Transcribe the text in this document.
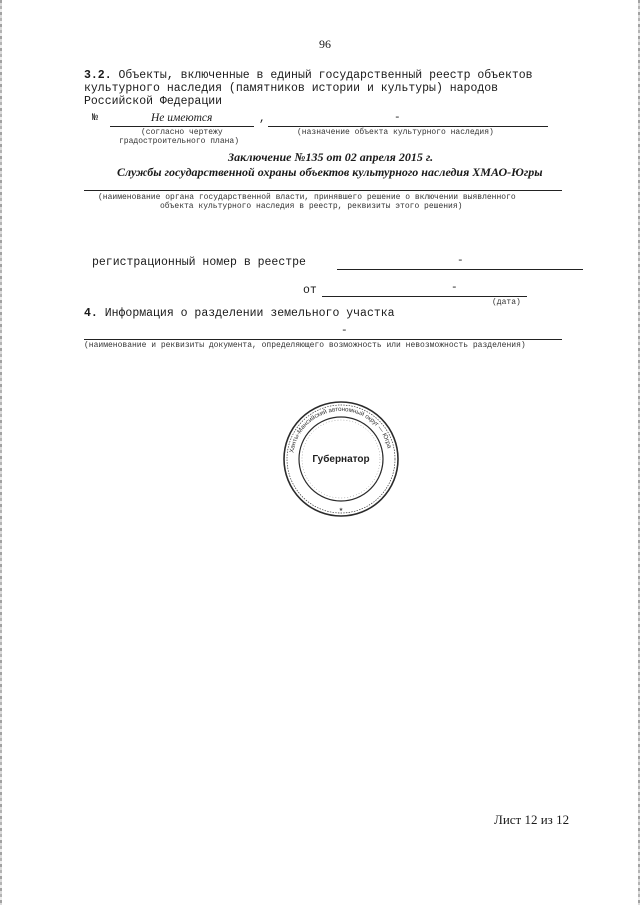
96
3.2. Объекты, включенные в единый государственный реестр объектов
культурного наследия (памятников истории и культуры) народов
Российской Федерации
№	Не имеются	,	-
(согласно чертежу
градостроительного плана)
(назначение объекта культурного наследия)
Заключение №135 от 02 апреля 2015 г.
Службы государственной охраны объектов культурного наследия ХМАО-Югры
(наименование органа государственной власти, принявшего решение о включении выявленного
объекта культурного наследия в реестр, реквизиты этого решения)
регистрационный номер в реестре	-
от	-
(дата)
4. Информация о разделении земельного участка
-
(наименование и реквизиты документа, определяющего возможность или невозможность разделения)
Ханты-Мансийский автономный округ — Югра
Губернатор
★
Лист 12 из 12
